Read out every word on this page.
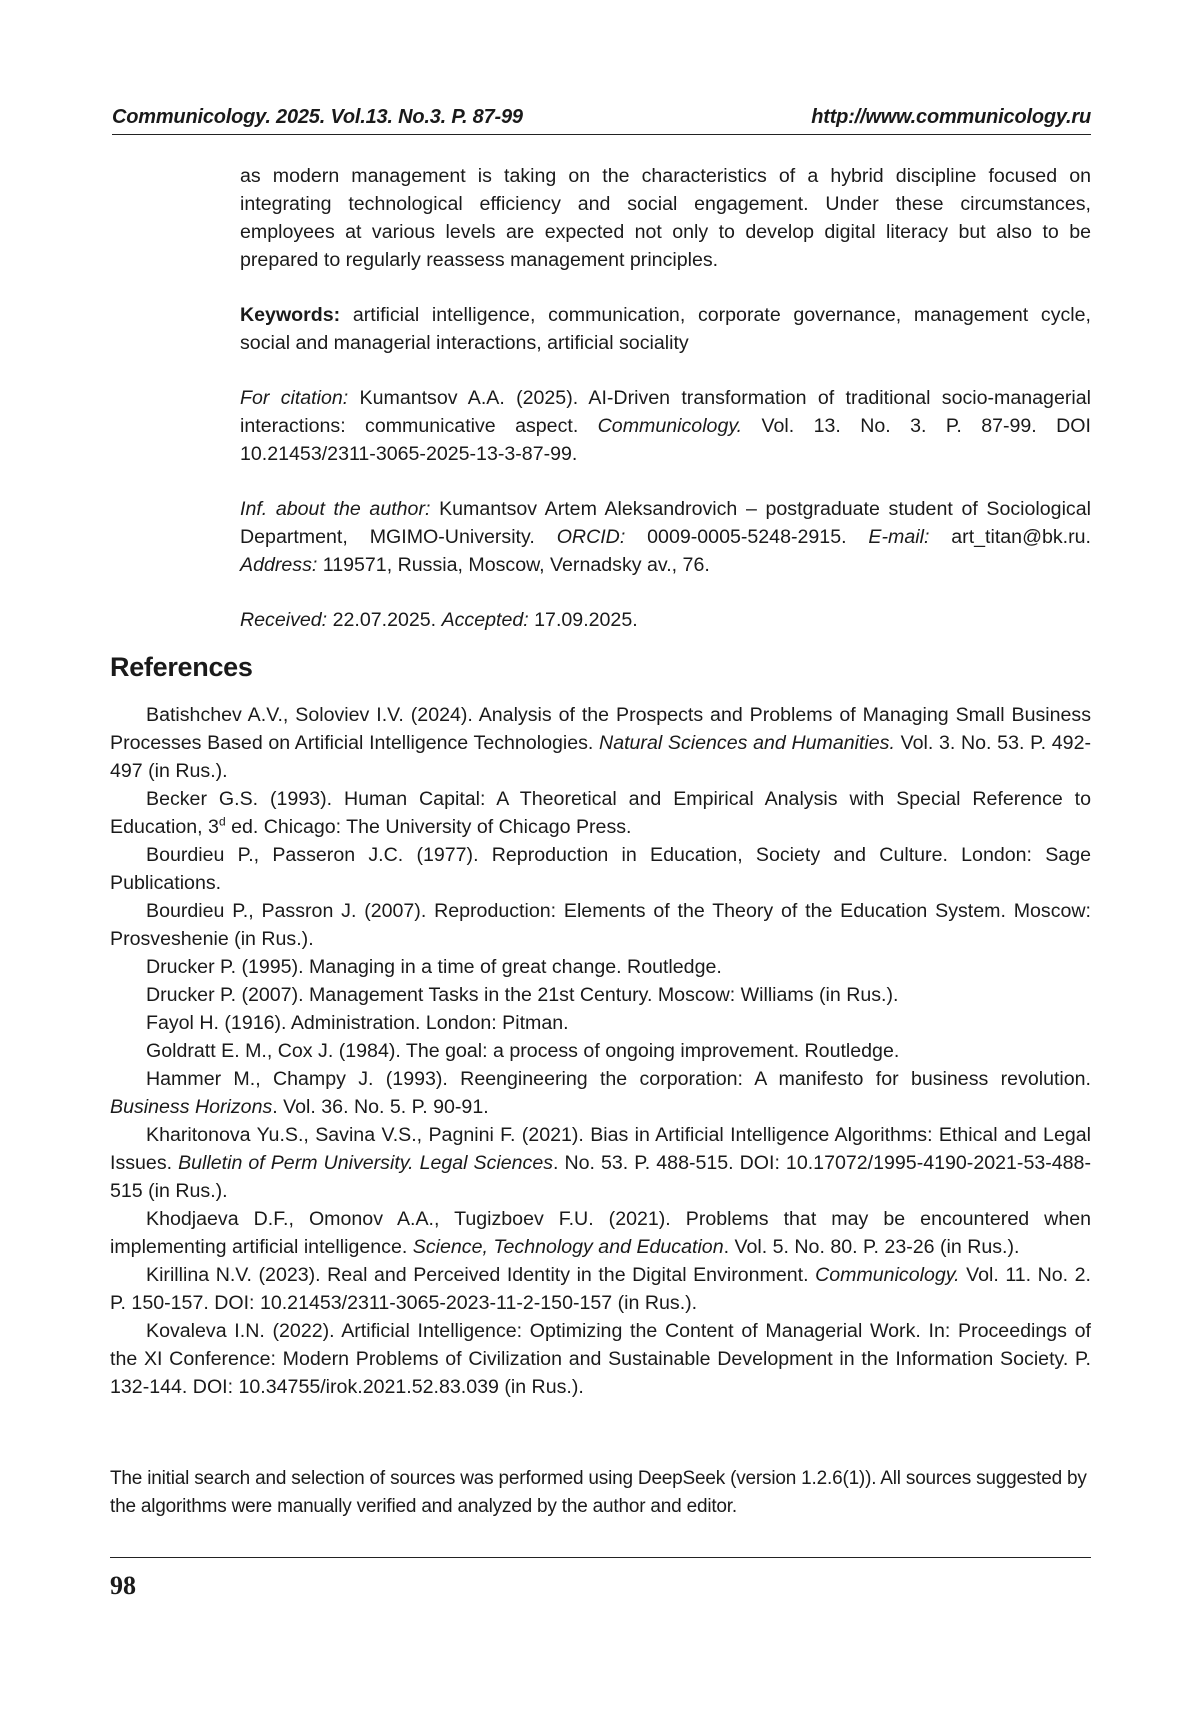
Communicology. 2025. Vol.13. No.3. P. 87-99	http://www.communicology.ru

as modern management is taking on the characteristics of a hybrid discipline focused on integrating technological efficiency and social engagement. Under these circumstances, employees at various levels are expected not only to develop digital literacy but also to be prepared to regularly reassess management principles.

Keywords: artificial intelligence, communication, corporate governance, management cycle, social and managerial interactions, artificial sociality

For citation: Kumantsov A.A. (2025). AI-Driven transformation of traditional socio-managerial interactions: communicative aspect. Communicology. Vol. 13. No. 3. P. 87-99. DOI 10.21453/2311-3065-2025-13-3-87-99.

Inf. about the author: Kumantsov Artem Aleksandrovich – postgraduate student of Sociological Department, MGIMO-University. ORCID: 0009-0005-5248-2915. E-mail: art_titan@bk.ru. Address: 119571, Russia, Moscow, Vernadsky av., 76.

Received: 22.07.2025. Accepted: 17.09.2025.

References

Batishchev A.V., Soloviev I.V. (2024). Analysis of the Prospects and Problems of Managing Small Business Processes Based on Artificial Intelligence Technologies. Natural Sciences and Humanities. Vol. 3. No. 53. P. 492-497 (in Rus.).

Becker G.S. (1993). Human Capital: A Theoretical and Empirical Analysis with Special Reference to Education, 3$^d$ ed. Chicago: The University of Chicago Press.

Bourdieu P., Passeron J.C. (1977). Reproduction in Education, Society and Culture. London: Sage Publications.

Bourdieu P., Passron J. (2007). Reproduction: Elements of the Theory of the Education System. Moscow: Prosveshenie (in Rus.).

Drucker P. (1995). Managing in a time of great change. Routledge.

Drucker P. (2007). Management Tasks in the 21st Century. Moscow: Williams (in Rus.).

Fayol H. (1916). Administration. London: Pitman.

Goldratt E. M., Cox J. (1984). The goal: a process of ongoing improvement. Routledge.

Hammer M., Champy J. (1993). Reengineering the corporation: A manifesto for business revolution. Business Horizons. Vol. 36. No. 5. P. 90-91.

Kharitonova Yu.S., Savina V.S., Pagnini F. (2021). Bias in Artificial Intelligence Algorithms: Ethical and Legal Issues. Bulletin of Perm University. Legal Sciences. No. 53. P. 488-515. DOI: 10.17072/1995-4190-2021-53-488-515 (in Rus.).

Khodjaeva D.F., Omonov A.A., Tugizboev F.U. (2021). Problems that may be encountered when implementing artificial intelligence. Science, Technology and Education. Vol. 5. No. 80. P. 23-26 (in Rus.).

Kirillina N.V. (2023). Real and Perceived Identity in the Digital Environment. Communicology. Vol. 11. No. 2. P. 150-157. DOI: 10.21453/2311-3065-2023-11-2-150-157 (in Rus.).

Kovaleva I.N. (2022). Artificial Intelligence: Optimizing the Content of Managerial Work. In: Proceedings of the XI Conference: Modern Problems of Civilization and Sustainable Development in the Information Society. P. 132-144. DOI: 10.34755/irok.2021.52.83.039 (in Rus.).

The initial search and selection of sources was performed using DeepSeek (version 1.2.6(1)). All sources suggested by the algorithms were manually verified and analyzed by the author and editor.

98
